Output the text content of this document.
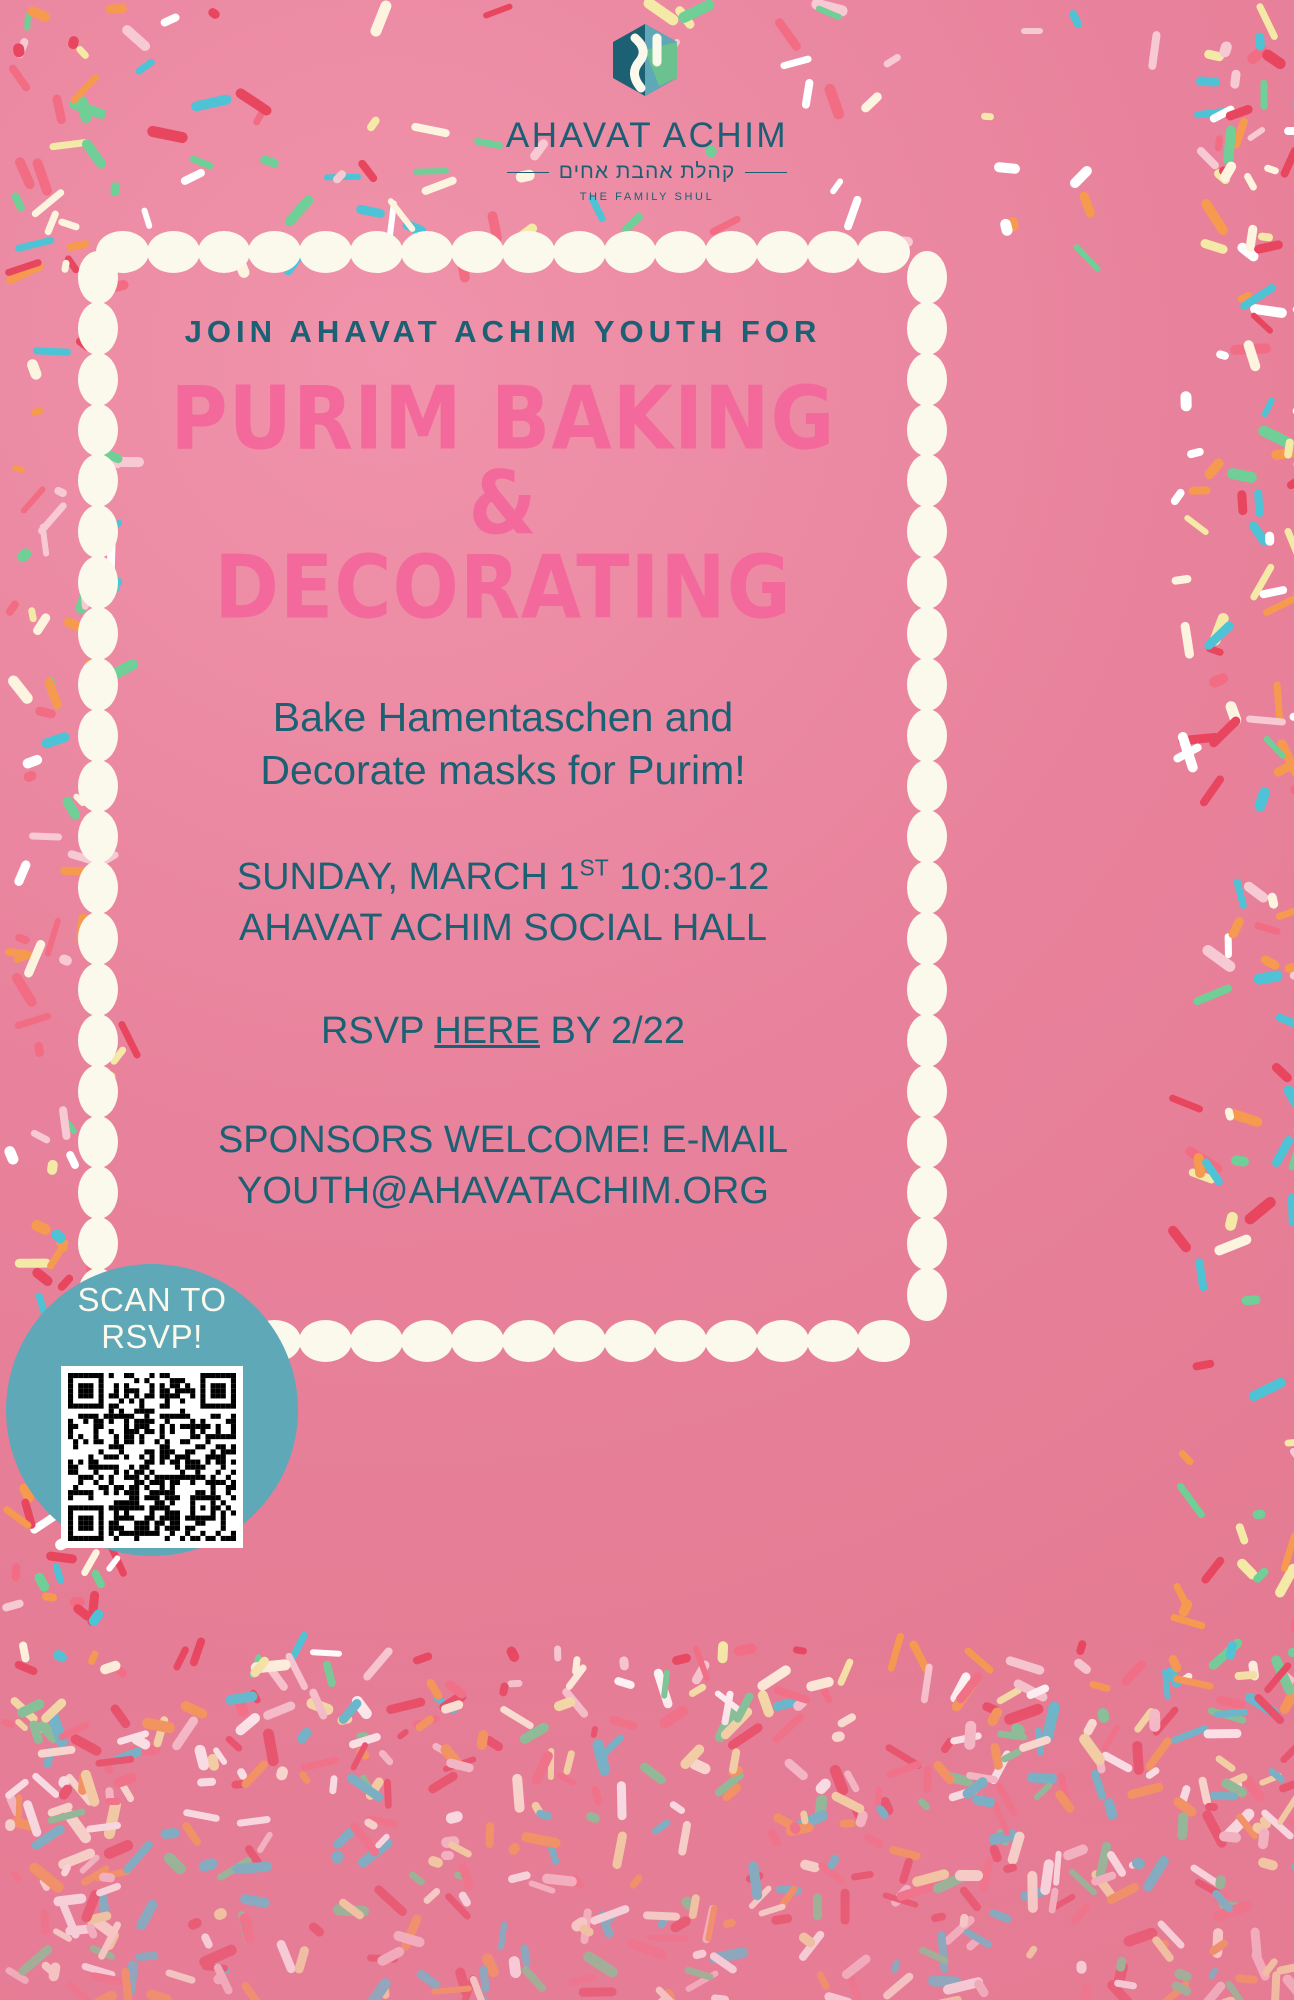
AHAVAT ACHIM
קהלת אהבת אחים
THE FAMILY SHUL
JOIN AHAVAT ACHIM YOUTH FOR
PURIM BAKING &
DECORATING
Bake Hamentaschen and
Decorate masks for Purim!
SUNDAY, MARCH 1ST 10:30-12
AHAVAT ACHIM SOCIAL HALL
RSVP HERE BY 2/22
SPONSORS WELCOME! E-MAIL
YOUTH@AHAVATACHIM.ORG
SCAN TO
RSVP!
